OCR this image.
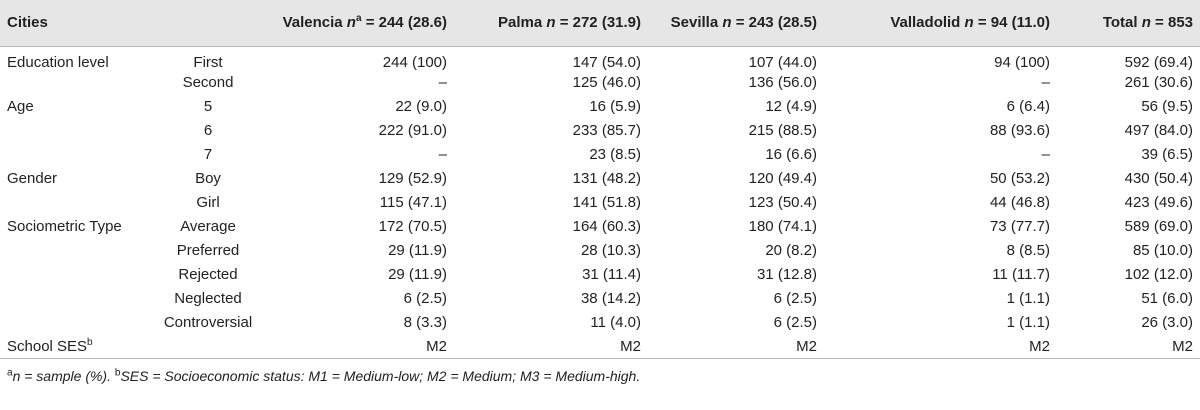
Cities		Valencia $n^a = 244$ (28.6)	Palma n = 272 (31.9)	Sevilla n = 243 (28.5)	Valladolid n = 94 (11.0)	Total n = 853
Education level	First	244 (100)	147 (54.0)	107 (44.0)	94 (100)	592 (69.4)
	Second	–	125 (46.0)	136 (56.0)	–	261 (30.6)
Age	5	22 (9.0)	16 (5.9)	12 (4.9)	6 (6.4)	56 (9.5)
	6	222 (91.0)	233 (85.7)	215 (88.5)	88 (93.6)	497 (84.0)
	7	–	23 (8.5)	16 (6.6)	–	39 (6.5)
Gender	Boy	129 (52.9)	131 (48.2)	120 (49.4)	50 (53.2)	430 (50.4)
	Girl	115 (47.1)	141 (51.8)	123 (50.4)	44 (46.8)	423 (49.6)
Sociometric Type	Average	172 (70.5)	164 (60.3)	180 (74.1)	73 (77.7)	589 (69.0)
	Preferred	29 (11.9)	28 (10.3)	20 (8.2)	8 (8.5)	85 (10.0)
	Rejected	29 (11.9)	31 (11.4)	31 (12.8)	11 (11.7)	102 (12.0)
	Neglected	6 (2.5)	38 (14.2)	6 (2.5)	1 (1.1)	51 (6.0)
	Controversial	8 (3.3)	11 (4.0)	6 (2.5)	1 (1.1)	26 (3.0)
School SES$^b$		M2	M2	M2	M2	M2
$^a$n = sample (%). $^b$SES = Socioeconomic status: M1 = Medium-low; M2 = Medium; M3 = Medium-high.
